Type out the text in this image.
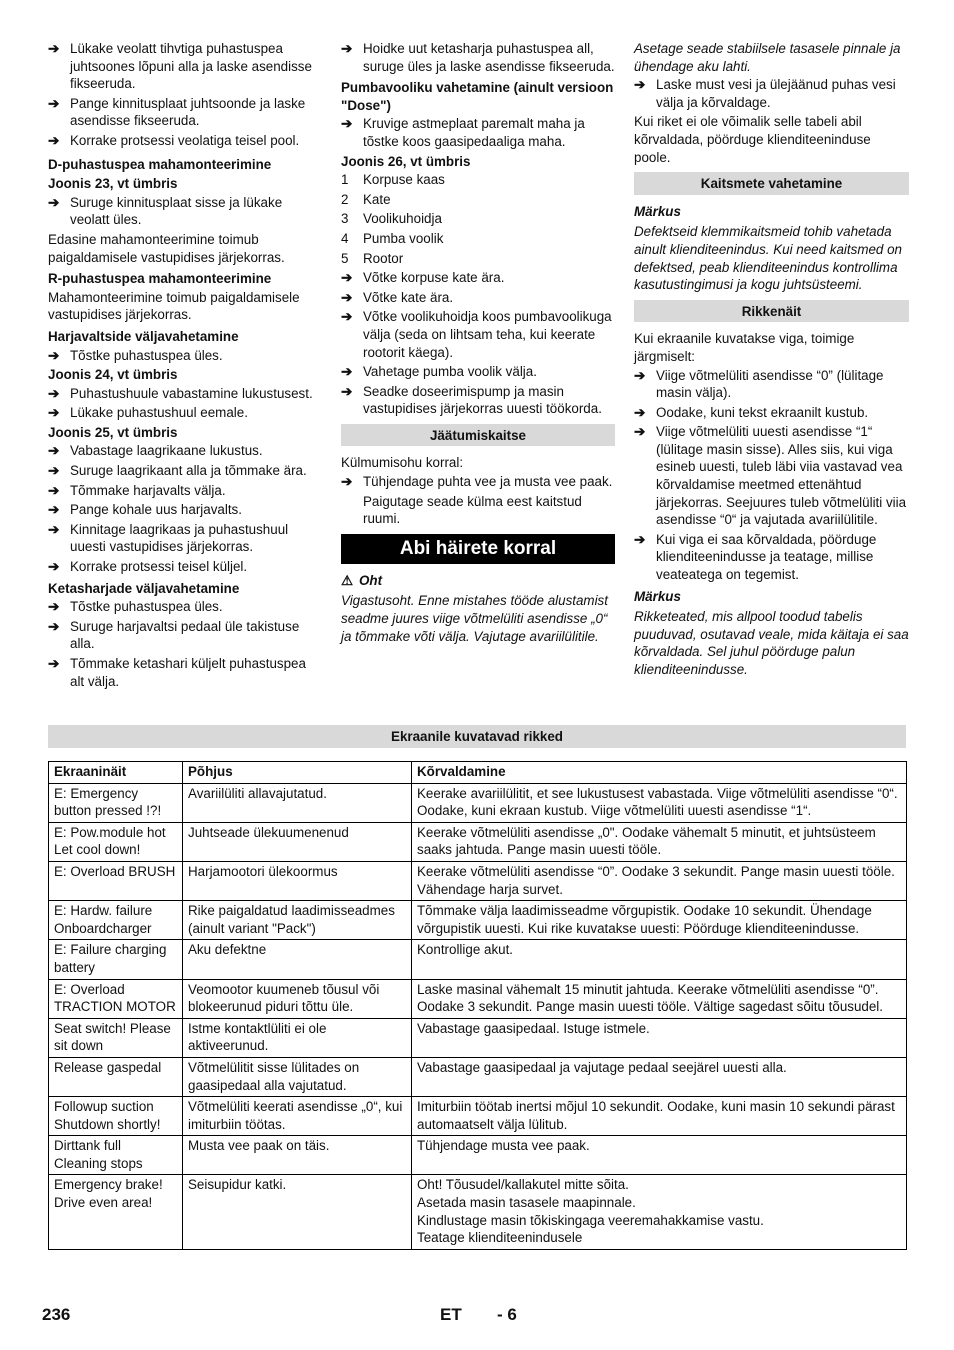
➔ Lükake veolatt tihvtiga puhastuspea juhtsoones lõpuni alla ja laske asendisse fikseeruda.
➔ Pange kinnitusplaat juhtsoonde ja laske asendisse fikseeruda.
➔ Korrake protsessi veolatiga teisel pool.
D-puhastuspea mahamonteerimine
Joonis 23, vt ümbris
➔ Suruge kinnitusplaat sisse ja lükake veolatt üles.
Edasine mahamonteerimine toimub paigaldamisele vastupidises järjekorras.
R-puhastuspea mahamonteerimine
Mahamonteerimine toimub paigaldamisele vastupidises järjekorras.
Harjavaltside väljavahetamine
➔ Tõstke puhastuspea üles.
Joonis 24, vt ümbris
➔ Puhastushuule vabastamine lukustusest.
➔ Lükake puhastushuul eemale.
Joonis 25, vt ümbris
➔ Vabastage laagrikaane lukustus.
➔ Suruge laagrikaant alla ja tõmmake ära.
➔ Tõmmake harjavalts välja.
➔ Pange kohale uus harjavalts.
➔ Kinnitage laagrikaas ja puhastushuul uuesti vastupidises järjekorras.
➔ Korrake protsessi teisel küljel.
Ketasharjade väljavahetamine
➔ Tõstke puhastuspea üles.
➔ Suruge harjavaltsi pedaal üle takistuse alla.
➔ Tõmmake ketashari küljelt puhastuspea alt välja.
➔ Hoidke uut ketasharja puhastuspea all, suruge üles ja laske asendisse fikseeruda.
Pumbavooliku vahetamine (ainult versioon "Dose")
➔ Kruvige astmeplaat paremalt maha ja tõstke koos gaasipedaaliga maha.
Joonis 26, vt ümbris
1 Korpuse kaas
2 Kate
3 Voolikuhoidja
4 Pumba voolik
5 Rootor
➔ Võtke korpuse kate ära.
➔ Võtke kate ära.
➔ Võtke voolikuhoidja koos pumbavoolikuga välja (seda on lihtsam teha, kui keerate rootorit käega).
➔ Vahetage pumba voolik välja.
➔ Seadke doseerimispump ja masin vastupidises järjekorras uuesti töökorda.
Jäätumiskaitse
Külmumisohu korral:
➔ Tühjendage puhta vee ja musta vee paak.
Paigutage seade külma eest kaitstud ruumi.
Abi häirete korral
⚠ Oht
Vigastusoht. Enne mistahes tööde alustamist seadme juures viige võtmelüliti asendisse „0“ ja tõmmake võti välja. Vajutage avariilülitile.
Asetage seade stabiilsele tasasele pinnale ja ühendage aku lahti.
➔ Laske must vesi ja ülejäänud puhas vesi välja ja kõrvaldage.
Kui riket ei ole võimalik selle tabeli abil kõrvaldada, pöörduge klienditeeninduse poole.
Kaitsmete vahetamine
Märkus
Defektseid klemmikaitsmeid tohib vahetada ainult klienditeenindus. Kui need kaitsmed on defektsed, peab klienditeenindus kontrollima kasutustingimusi ja kogu juhtsüsteemi.
Rikkenäit
Kui ekraanile kuvatakse viga, toimige järgmiselt:
➔ Viige võtmelüliti asendisse “0” (lülitage masin välja).
➔ Oodake, kuni tekst ekraanilt kustub.
➔ Viige võtmelüliti uuesti asendisse “1“ (lülitage masin sisse). Alles siis, kui viga esineb uuesti, tuleb läbi viia vastavad vea kõrvaldamise meetmed ettenähtud järjekorras. Seejuures tuleb võtmelüliti viia asendisse “0“ ja vajutada avariilülitile.
➔ Kui viga ei saa kõrvaldada, pöörduge klienditeenindusse ja teatage, millise veateatega on tegemist.
Märkus
Rikketeated, mis allpool toodud tabelis puuduvad, osutavad veale, mida käitaja ei saa kõrvaldada. Sel juhul pöörduge palun klienditeenindusse.
Ekraanile kuvatavad rikked
Ekraaninäit	Põhjus	Kõrvaldamine
E: Emergency button pressed !?!	Avariilüliti allavajutatud.	Keerake avariilülitit, et see lukustusest vabastada. Viige võtmelüliti asendisse “0“. Oodake, kuni ekraan kustub. Viige võtmelüliti uuesti asendisse “1“.
E: Pow.module hot Let cool down!	Juhtseade ülekuumenenud	Keerake võtmelüliti asendisse „0". Oodake vähemalt 5 minutit, et juhtsüsteem saaks jahtuda. Pange masin uuesti tööle.
E: Overload BRUSH	Harjamootori ülekoormus	Keerake võtmelüliti asendisse “0”. Oodake 3 sekundit. Pange masin uuesti tööle. Vähendage harja survet.
E: Hardw. failure Onboardcharger	Rike paigaldatud laadimisseadmes (ainult variant "Pack")	Tõmmake välja laadimisseadme võrgupistik. Oodake 10 sekundit. Ühendage võrgupistik uuesti. Kui rike kuvatakse uuesti: Pöörduge klienditeenindusse.
E: Failure charging battery	Aku defektne	Kontrollige akut.
E: Overload TRACTION MOTOR	Veomootor kuumeneb tõusul või blokeerunud piduri tõttu üle.	Laske masinal vähemalt 15 minutit jahtuda. Keerake võtmelüliti asendisse “0”. Oodake 3 sekundit. Pange masin uuesti tööle. Vältige sagedast sõitu tõusudel.
Seat switch! Please sit down	Istme kontaktlüliti ei ole aktiveerunud.	Vabastage gaasipedaal. Istuge istmele.
Release gaspedal	Võtmelülitit sisse lülitades on gaasipedaal alla vajutatud.	Vabastage gaasipedaal ja vajutage pedaal seejärel uuesti alla.
Followup suction Shutdown shortly!	Võtmelüliti keerati asendisse „0“, kui imiturbiin töötas.	Imiturbiin töötab inertsi mõjul 10 sekundit. Oodake, kuni masin 10 sekundi pärast automaatselt välja lülitub.
Dirttank full Cleaning stops	Musta vee paak on täis.	Tühjendage musta vee paak.
Emergency brake! Drive even area!	Seisupidur katki.	Oht! Tõusudel/kallakutel mitte sõita.
Asetada masin tasasele maapinnale.
Kindlustage masin tõkiskingaga veeremahakkamise vastu.
Teatage klienditeenindusele
236	ET - 6
